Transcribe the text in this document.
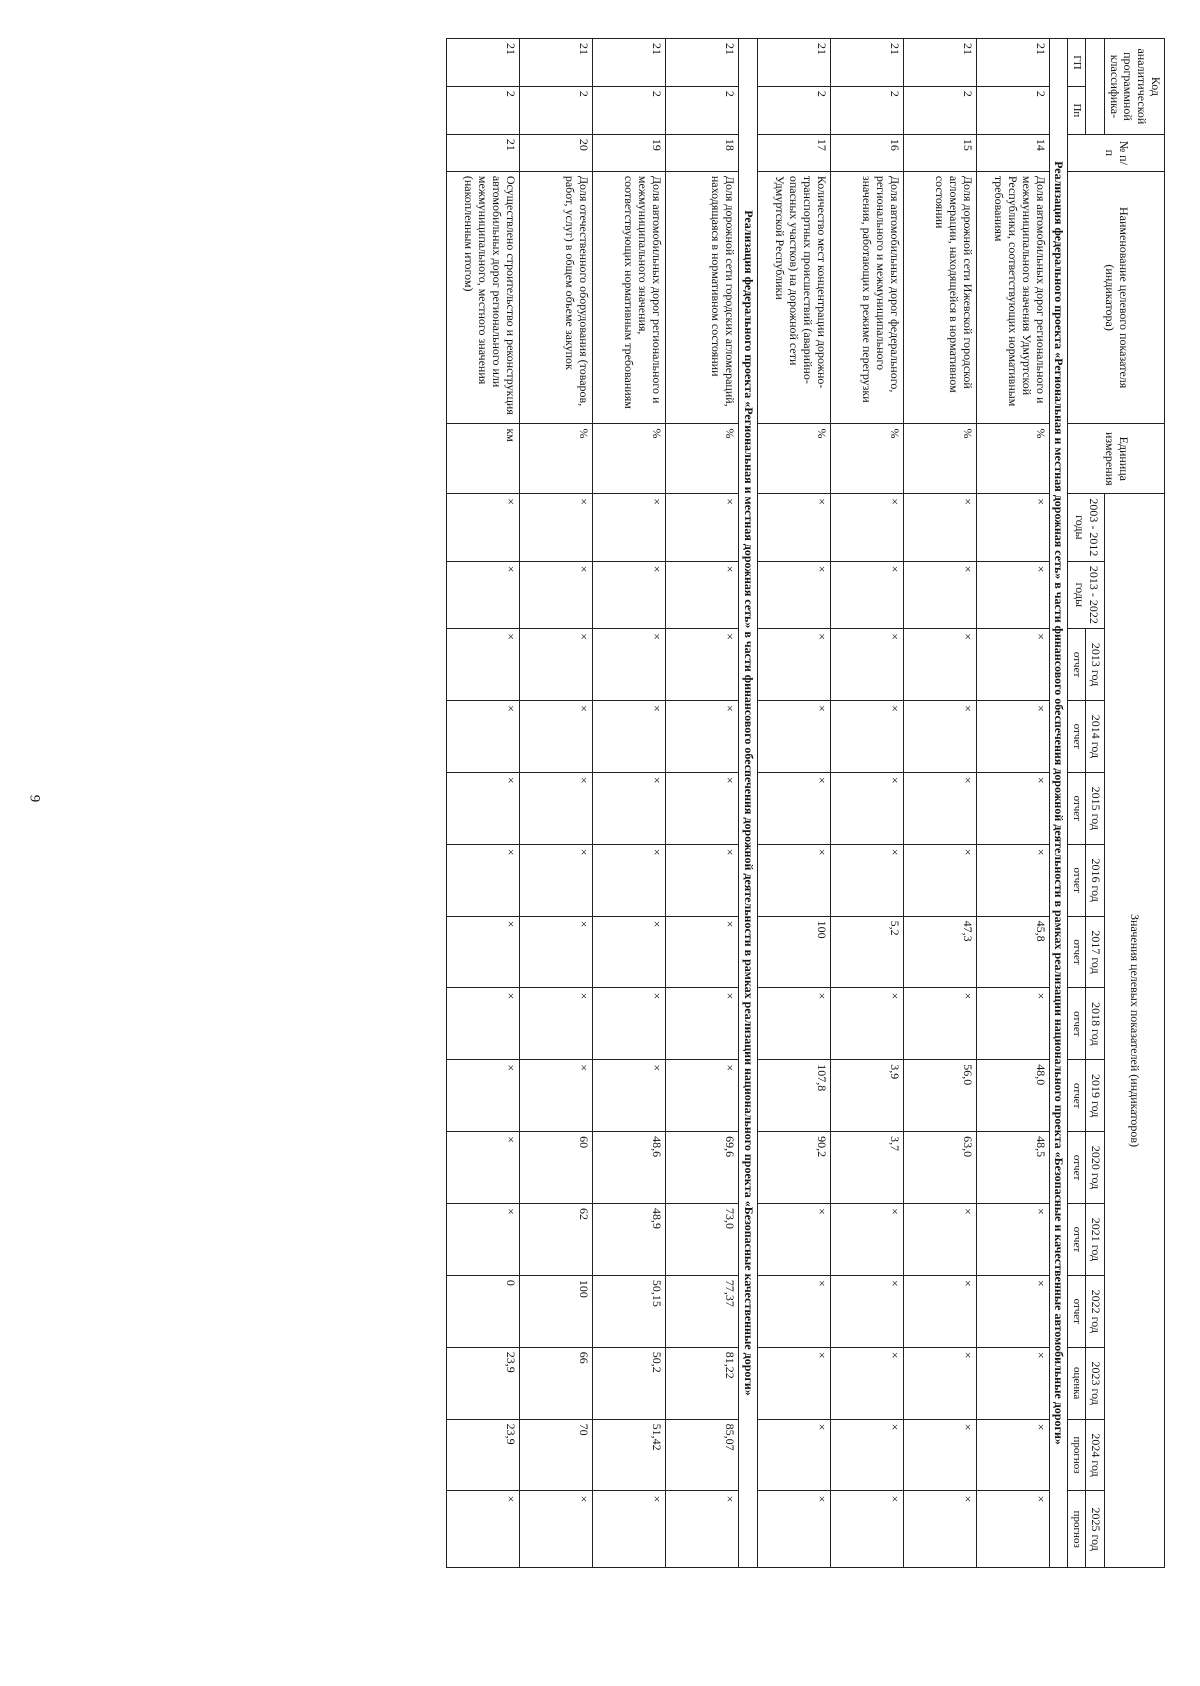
9
Код аналитической программной классифика-		№ п/п	Наименование целевого показателя (индикатора)	Единица измерения	Значения целевых показателей (индикаторов)														
					2003 - 2012 годы	2013 - 2022 годы	2013 год	2014 год	2015 год	2016 год	2017 год	2018 год	2019 год	2020 год	2021 год	2022 год	2023 год	2024 год	2025 год
ГП	Пп						отчет	отчет	отчет	отчет	отчет	отчет	отчет	отчет	отчет	отчет	оценка	прогноз	прогноз
Реализация федерального проекта «Региональная и местная дорожная сеть» в части финансового обеспечения дорожной деятельности в рамках реализации национального проекта «Безопасные и качественные автомобильные дороги»																			
21	2	14	Доля автомобильных дорог регионального и межмуниципального значения Удмуртской Республики, соответствующих нормативным требованиям	%	×	×	×	×	×	×	45,8	×	48,0	48,5	×	×	×	×	×
21	2	15	Доля дорожной сети Ижевской городской агломерации, находящейся в нормативном состоянии	%	×	×	×	×	×	×	47,3	×	56,0	63,0	×	×	×	×	×
21	2	16	Доля автомобильных дорог федерального, регионального и межмуниципального значения, работающих в режиме перегрузки	%	×	×	×	×	×	×	5,2	×	3,9	3,7	×	×	×	×	×
21	2	17	Количество мест концентрации дорожно-транспортных происшествий (аварийно-опасных участков) на дорожной сети Удмуртской Республики	%	×	×	×	×	×	×	100	×	107,8	90,2	×	×	×	×	×
Реализация федерального проекта «Региональная и местная дорожная сеть» в части финансового обеспечения дорожной деятельности в рамках реализации национального проекта «Безопасные качественные дороги»																			
21	2	18	Доля дорожной сети городских агломераций, находящаяся в нормативном состоянии	%	×	×	×	×	×	×	×	×	×	69,6	73,0	77,37	81,22	85,07	×
21	2	19	Доля автомобильных дорог регионального и межмуниципального значения, соответствующих нормативным требованиям	%	×	×	×	×	×	×	×	×	×	48,6	48,9	50,15	50,2	51,42	×
21	2	20	Доля отечественного оборудования (товаров, работ, услуг) в общем объеме закупок	%	×	×	×	×	×	×	×	×	×	60	62	100	66	70	×
21	2	21	Осуществлено строительство и реконструкция автомобильных дорог регионального или межмуниципального, местного значения (накопленным итогом)	км	×	×	×	×	×	×	×	×	×	×	×	0	23,9	23,9	×
